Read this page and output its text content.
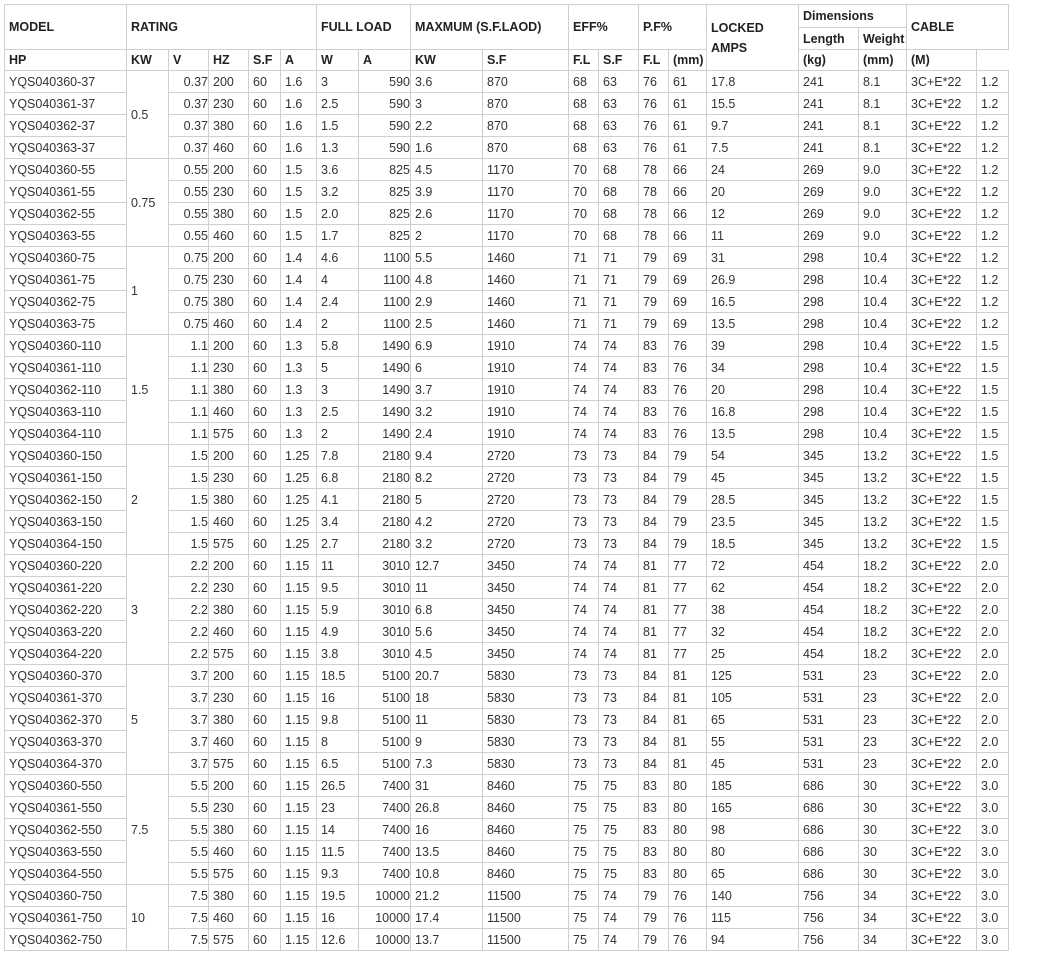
MODEL	RATING					FULL LOAD		MAXMUM (S.F.LAOD)		EFF%		P.F%		LOCKED AMPS	Dimensions		CABLE	
															Length	Weight		
HP	KW	V	HZ	S.F	A	W	A	KW	S.F	F.L	S.F	F.L	(mm)		(kg)	(mm)	(M)	
YQS040360-37	0.5	0.37	200	60	1.6	3	590	3.6	870	68	63	76	61	17.8	241	8.1	3C+E*22	1.2
YQS040361-37		0.37	230	60	1.6	2.5	590	3	870	68	63	76	61	15.5	241	8.1	3C+E*22	1.2
YQS040362-37		0.37	380	60	1.6	1.5	590	2.2	870	68	63	76	61	9.7	241	8.1	3C+E*22	1.2
YQS040363-37		0.37	460	60	1.6	1.3	590	1.6	870	68	63	76	61	7.5	241	8.1	3C+E*22	1.2
YQS040360-55	0.75	0.55	200	60	1.5	3.6	825	4.5	1170	70	68	78	66	24	269	9.0	3C+E*22	1.2
YQS040361-55		0.55	230	60	1.5	3.2	825	3.9	1170	70	68	78	66	20	269	9.0	3C+E*22	1.2
YQS040362-55		0.55	380	60	1.5	2.0	825	2.6	1170	70	68	78	66	12	269	9.0	3C+E*22	1.2
YQS040363-55		0.55	460	60	1.5	1.7	825	2	1170	70	68	78	66	11	269	9.0	3C+E*22	1.2
YQS040360-75	1	0.75	200	60	1.4	4.6	1100	5.5	1460	71	71	79	69	31	298	10.4	3C+E*22	1.2
YQS040361-75		0.75	230	60	1.4	4	1100	4.8	1460	71	71	79	69	26.9	298	10.4	3C+E*22	1.2
YQS040362-75		0.75	380	60	1.4	2.4	1100	2.9	1460	71	71	79	69	16.5	298	10.4	3C+E*22	1.2
YQS040363-75		0.75	460	60	1.4	2	1100	2.5	1460	71	71	79	69	13.5	298	10.4	3C+E*22	1.2
YQS040360-110	1.5	1.1	200	60	1.3	5.8	1490	6.9	1910	74	74	83	76	39	298	10.4	3C+E*22	1.5
YQS040361-110		1.1	230	60	1.3	5	1490	6	1910	74	74	83	76	34	298	10.4	3C+E*22	1.5
YQS040362-110		1.1	380	60	1.3	3	1490	3.7	1910	74	74	83	76	20	298	10.4	3C+E*22	1.5
YQS040363-110		1.1	460	60	1.3	2.5	1490	3.2	1910	74	74	83	76	16.8	298	10.4	3C+E*22	1.5
YQS040364-110		1.1	575	60	1.3	2	1490	2.4	1910	74	74	83	76	13.5	298	10.4	3C+E*22	1.5
YQS040360-150	2	1.5	200	60	1.25	7.8	2180	9.4	2720	73	73	84	79	54	345	13.2	3C+E*22	1.5
YQS040361-150		1.5	230	60	1.25	6.8	2180	8.2	2720	73	73	84	79	45	345	13.2	3C+E*22	1.5
YQS040362-150		1.5	380	60	1.25	4.1	2180	5	2720	73	73	84	79	28.5	345	13.2	3C+E*22	1.5
YQS040363-150		1.5	460	60	1.25	3.4	2180	4.2	2720	73	73	84	79	23.5	345	13.2	3C+E*22	1.5
YQS040364-150		1.5	575	60	1.25	2.7	2180	3.2	2720	73	73	84	79	18.5	345	13.2	3C+E*22	1.5
YQS040360-220	3	2.2	200	60	1.15	11	3010	12.7	3450	74	74	81	77	72	454	18.2	3C+E*22	2.0
YQS040361-220		2.2	230	60	1.15	9.5	3010	11	3450	74	74	81	77	62	454	18.2	3C+E*22	2.0
YQS040362-220		2.2	380	60	1.15	5.9	3010	6.8	3450	74	74	81	77	38	454	18.2	3C+E*22	2.0
YQS040363-220		2.2	460	60	1.15	4.9	3010	5.6	3450	74	74	81	77	32	454	18.2	3C+E*22	2.0
YQS040364-220		2.2	575	60	1.15	3.8	3010	4.5	3450	74	74	81	77	25	454	18.2	3C+E*22	2.0
YQS040360-370	5	3.7	200	60	1.15	18.5	5100	20.7	5830	73	73	84	81	125	531	23	3C+E*22	2.0
YQS040361-370		3.7	230	60	1.15	16	5100	18	5830	73	73	84	81	105	531	23	3C+E*22	2.0
YQS040362-370		3.7	380	60	1.15	9.8	5100	11	5830	73	73	84	81	65	531	23	3C+E*22	2.0
YQS040363-370		3.7	460	60	1.15	8	5100	9	5830	73	73	84	81	55	531	23	3C+E*22	2.0
YQS040364-370		3.7	575	60	1.15	6.5	5100	7.3	5830	73	73	84	81	45	531	23	3C+E*22	2.0
YQS040360-550	7.5	5.5	200	60	1.15	26.5	7400	31	8460	75	75	83	80	185	686	30	3C+E*22	3.0
YQS040361-550		5.5	230	60	1.15	23	7400	26.8	8460	75	75	83	80	165	686	30	3C+E*22	3.0
YQS040362-550		5.5	380	60	1.15	14	7400	16	8460	75	75	83	80	98	686	30	3C+E*22	3.0
YQS040363-550		5.5	460	60	1.15	11.5	7400	13.5	8460	75	75	83	80	80	686	30	3C+E*22	3.0
YQS040364-550		5.5	575	60	1.15	9.3	7400	10.8	8460	75	75	83	80	65	686	30	3C+E*22	3.0
YQS040360-750	10	7.5	380	60	1.15	19.5	10000	21.2	11500	75	74	79	76	140	756	34	3C+E*22	3.0
YQS040361-750		7.5	460	60	1.15	16	10000	17.4	11500	75	74	79	76	115	756	34	3C+E*22	3.0
YQS040362-750		7.5	575	60	1.15	12.6	10000	13.7	11500	75	74	79	76	94	756	34	3C+E*22	3.0
